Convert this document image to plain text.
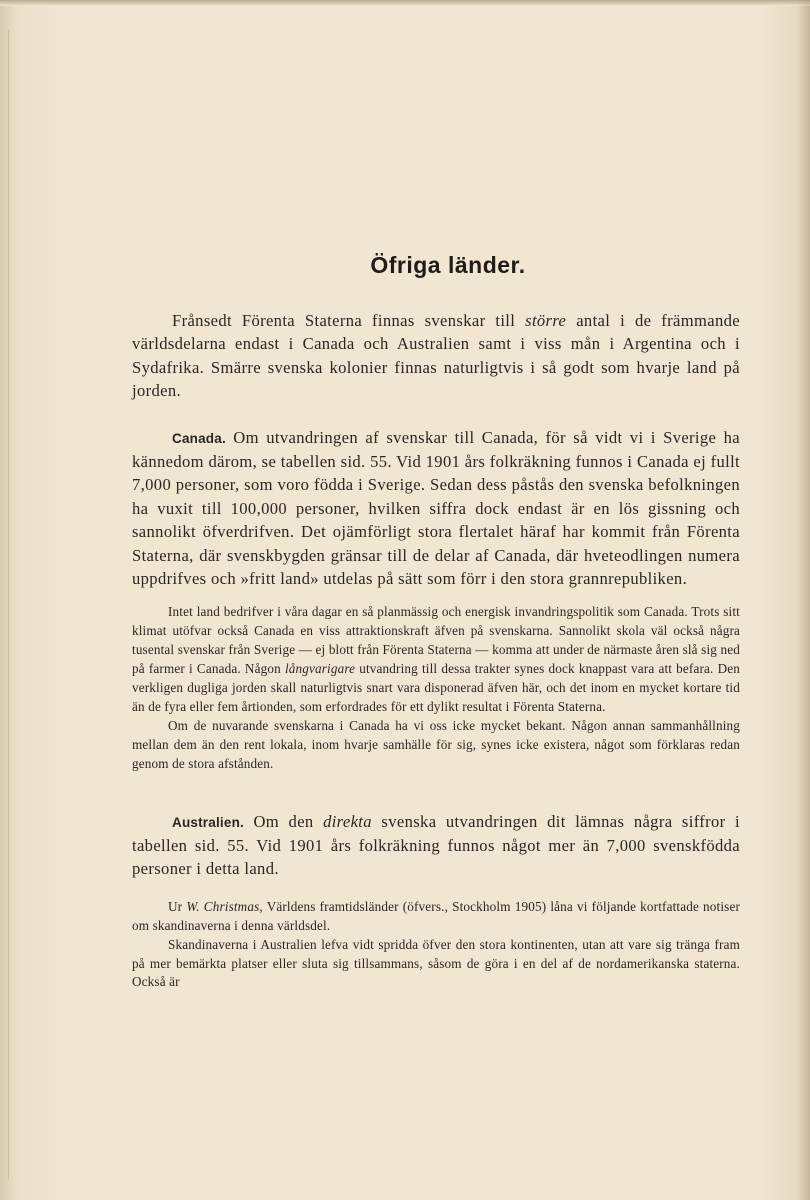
Öfriga länder.

Frånsedt Förenta Staterna finnas svenskar till större antal i de främmande världsdelarna endast i Canada och Australien samt i viss mån i Argentina och i Sydafrika. Smärre svenska kolonier finnas naturligtvis i så godt som hvarje land på jorden.

Canada. Om utvandringen af svenskar till Canada, för så vidt vi i Sverige ha kännedom därom, se tabellen sid. 55. Vid 1901 års folkräkning funnos i Canada ej fullt 7,000 personer, som voro födda i Sverige. Sedan dess påstås den svenska befolkningen ha vuxit till 100,000 personer, hvilken siffra dock endast är en lös gissning och sannolikt öfverdrifven. Det ojämförligt stora flertalet häraf har kommit från Förenta Staterna, där svenskbygden gränsar till de delar af Canada, där hveteodlingen numera uppdrifves och »fritt land» utdelas på sätt som förr i den stora grannrepubliken.

Intet land bedrifver i våra dagar en så planmässig och energisk invandringspolitik som Canada. Trots sitt klimat utöfvar också Canada en viss attraktionskraft äfven på svenskarna. Sannolikt skola väl också några tusental svenskar från Sverige — ej blott från Förenta Staterna — komma att under de närmaste åren slå sig ned på farmer i Canada. Någon långvarigare utvandring till dessa trakter synes dock knappast vara att befara. Den verkligen dugliga jorden skall naturligtvis snart vara disponerad äfven här, och det inom en mycket kortare tid än de fyra eller fem årtionden, som erfordrades för ett dylikt resultat i Förenta Staterna.

Om de nuvarande svenskarna i Canada ha vi oss icke mycket bekant. Någon annan sammanhållning mellan dem än den rent lokala, inom hvarje samhälle för sig, synes icke existera, något som förklaras redan genom de stora afstånden.

Australien. Om den direkta svenska utvandringen dit lämnas några siffror i tabellen sid. 55. Vid 1901 års folkräkning funnos något mer än 7,000 svenskfödda personer i detta land.

Ur W. Christmas, Världens framtidsländer (öfvers., Stockholm 1905) låna vi följande kortfattade notiser om skandinaverna i denna världsdel.

Skandinaverna i Australien lefva vidt spridda öfver den stora kontinenten, utan att vare sig tränga fram på mer bemärkta platser eller sluta sig tillsammans, såsom de göra i en del af de nordamerikanska staterna. Också är
